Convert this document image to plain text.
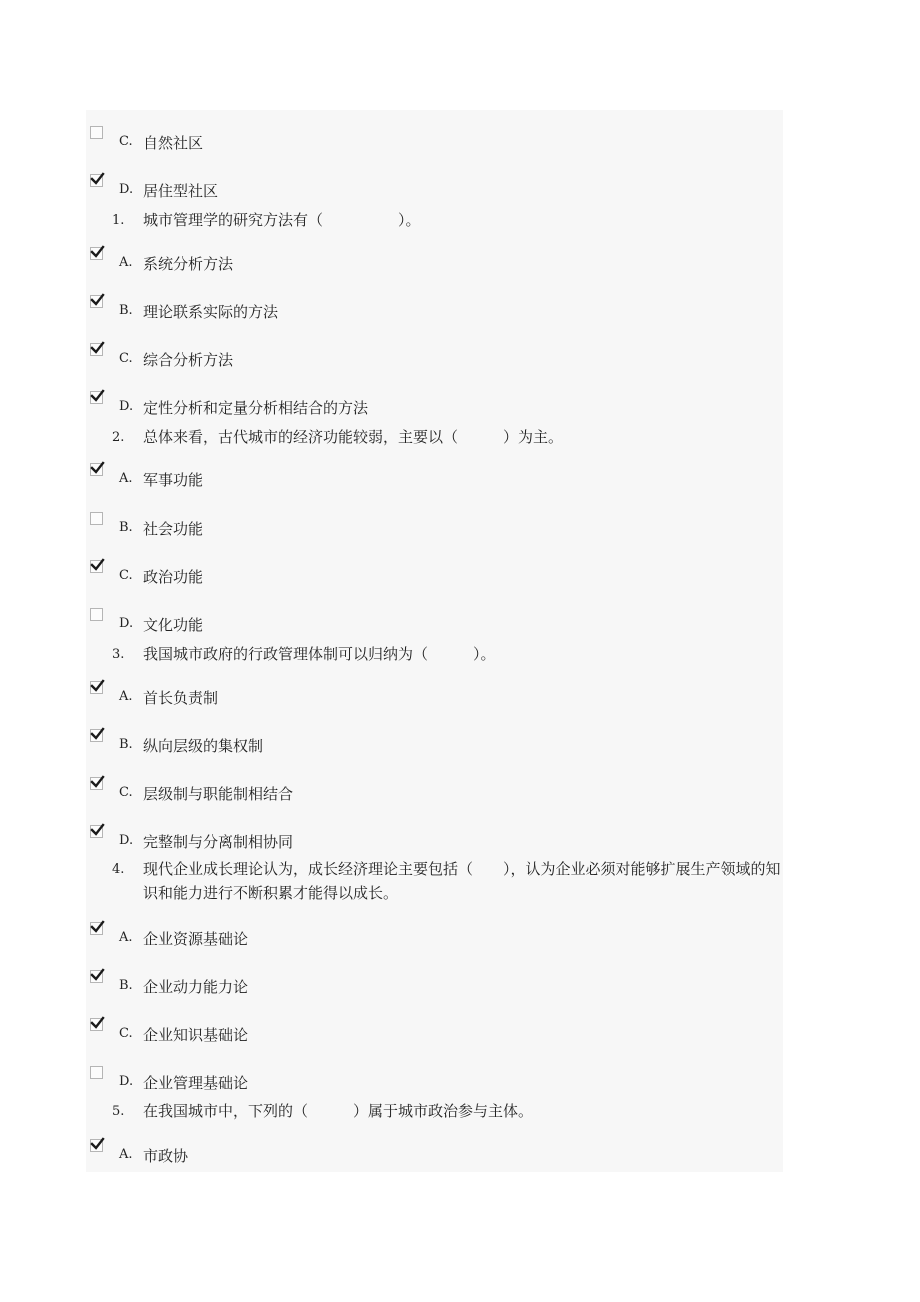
C. 自然社区
D. 居住型社区
1. 城市管理学的研究方法有（　　　　　）。
A. 系统分析方法
B. 理论联系实际的方法
C. 综合分析方法
D. 定性分析和定量分析相结合的方法
2. 总体来看，古代城市的经济功能较弱，主要以（　　　）为主。
A. 军事功能
B. 社会功能
C. 政治功能
D. 文化功能
3. 我国城市政府的行政管理体制可以归纳为（　　　）。
A. 首长负责制
B. 纵向层级的集权制
C. 层级制与职能制相结合
D. 完整制与分离制相协同
4. 现代企业成长理论认为，成长经济理论主要包括（　　），认为企业必须对能够扩展生产领域的知识和能力进行不断积累才能得以成长。
A. 企业资源基础论
B. 企业动力能力论
C. 企业知识基础论
D. 企业管理基础论
5. 在我国城市中，下列的（　　　）属于城市政治参与主体。
A. 市政协
